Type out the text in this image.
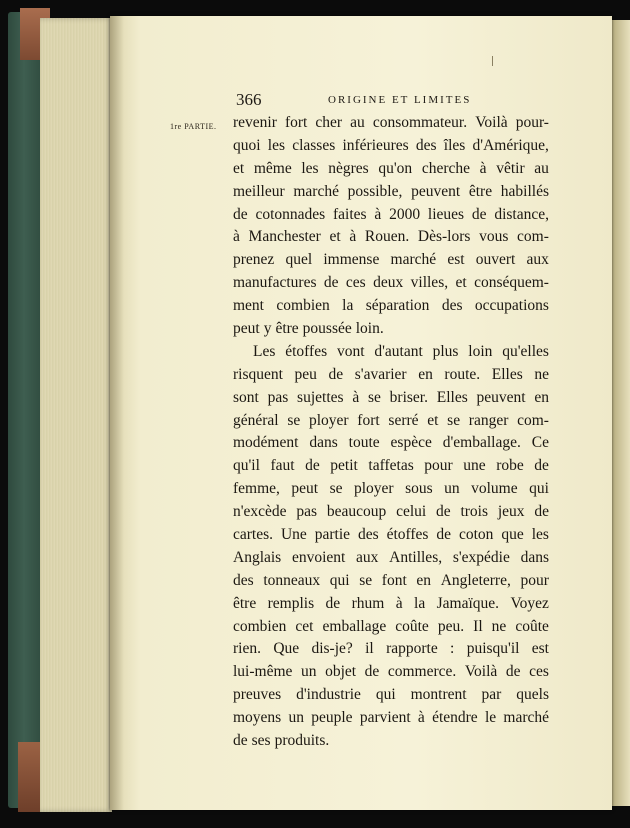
366	ORIGINE ET LIMITES
1re PARTIE. revenir fort cher au consommateur. Voilà pour-
quoi les classes inférieures des îles d'Amérique,
et même les nègres qu'on cherche à vêtir au
meilleur marché possible, peuvent être habillés
de cotonnades faites à 2000 lieues de distance,
à Manchester et à Rouen. Dès-lors vous com-
prenez quel immense marché est ouvert aux
manufactures de ces deux villes, et conséquem-
ment combien la séparation des occupations
peut y être poussée loin.
Les étoffes vont d'autant plus loin qu'elles
risquent peu de s'avarier en route. Elles ne
sont pas sujettes à se briser. Elles peuvent en
général se ployer fort serré et se ranger com-
modément dans toute espèce d'emballage. Ce
qu'il faut de petit taffetas pour une robe de
femme, peut se ployer sous un volume qui
n'excède pas beaucoup celui de trois jeux de
cartes. Une partie des étoffes de coton que les
Anglais envoient aux Antilles, s'expédie dans
des tonneaux qui se font en Angleterre, pour
être remplis de rhum à la Jamaïque. Voyez
combien cet emballage coûte peu. Il ne coûte
rien. Que dis-je? il rapporte : puisqu'il est
lui-même un objet de commerce. Voilà de ces
preuves d'industrie qui montrent par quels
moyens un peuple parvient à étendre le marché
de ses produits.
